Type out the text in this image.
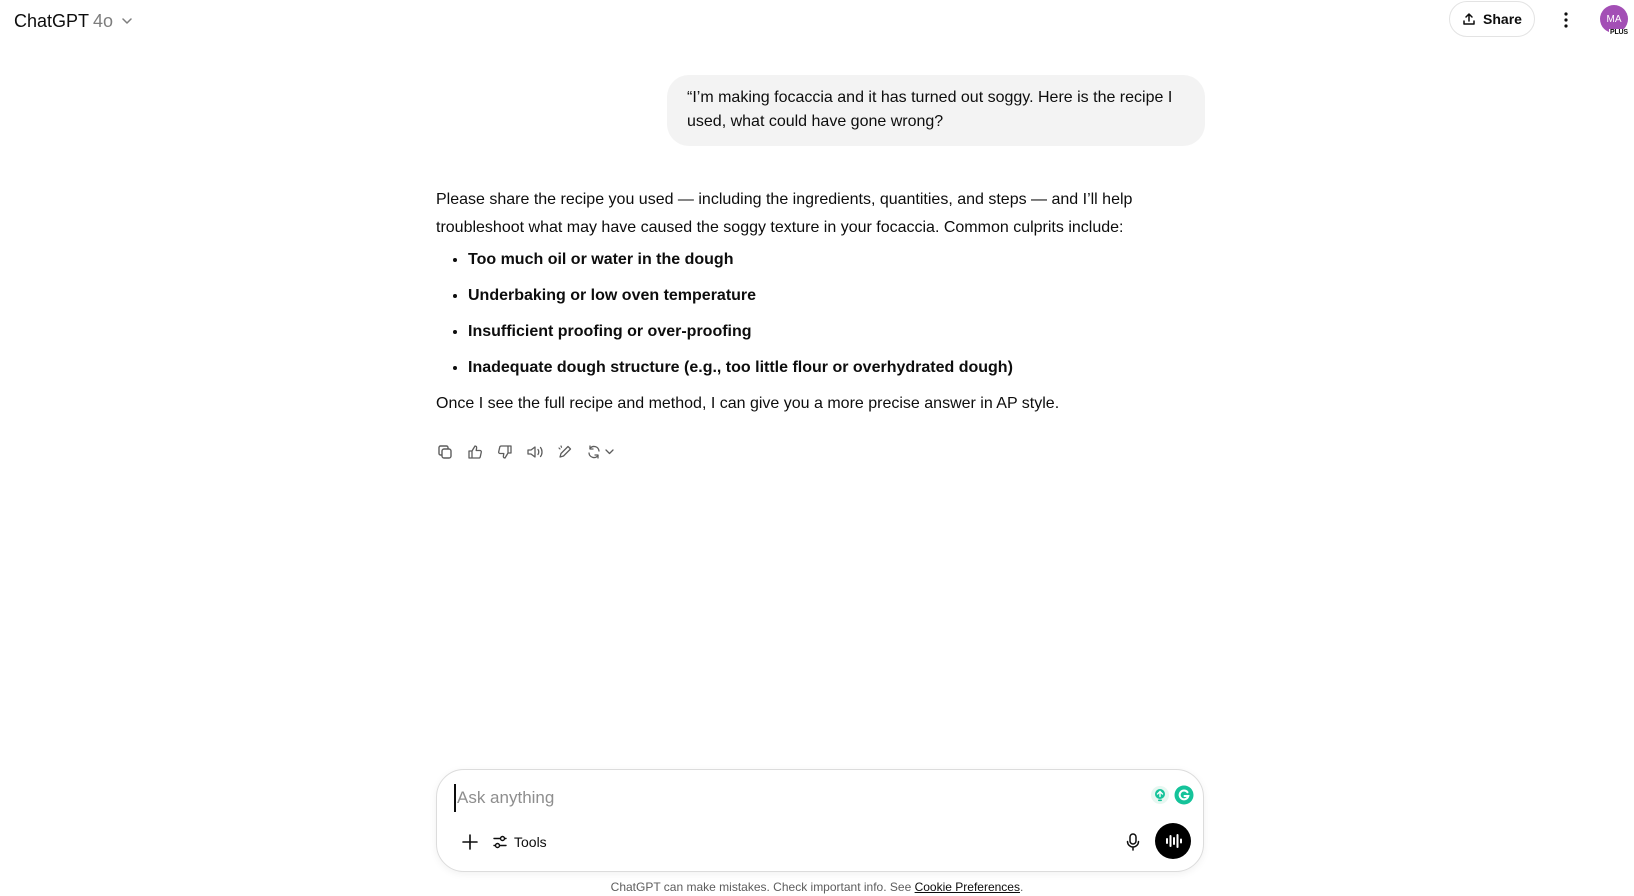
ChatGPT 4o	Share	MA
PLUS
“I’m making focaccia and it has turned out soggy. Here is the recipe I used, what could have gone wrong?

Please share the recipe you used — including the ingredients, quantities, and steps — and I’ll help troubleshoot what may have caused the soggy texture in your focaccia. Common culprits include:

• Too much oil or water in the dough
• Underbaking or low oven temperature
• Insufficient proofing or over-proofing
• Inadequate dough structure (e.g., too little flour or overhydrated dough)

Once I see the full recipe and method, I can give you a more precise answer in AP style.

Ask anything
Tools
ChatGPT can make mistakes. Check important info. See Cookie Preferences.
